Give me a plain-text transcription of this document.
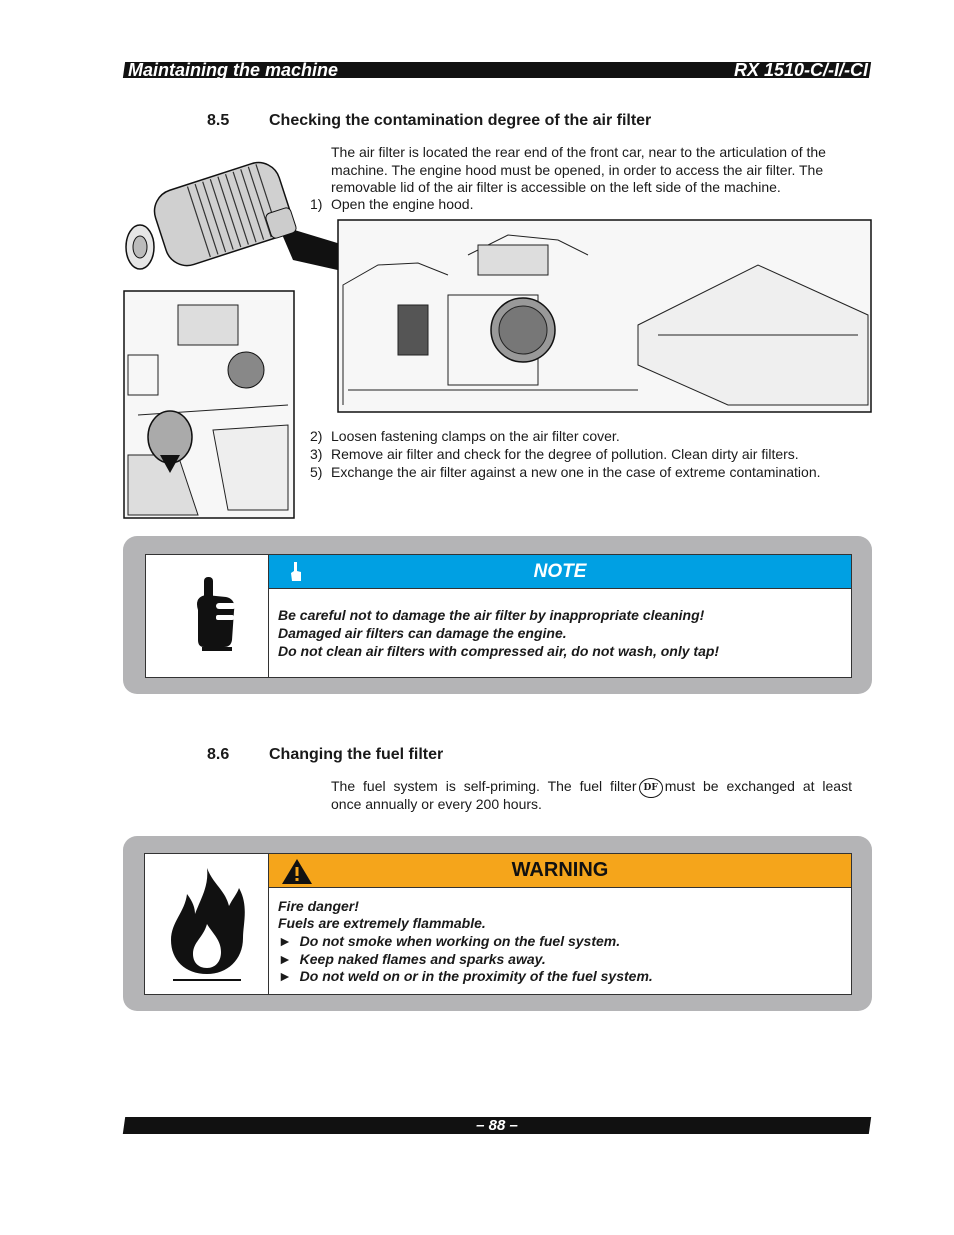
Maintaining the machine	RX 1510-C/-I/-CI
8.5 Checking the contamination degree of the air filter
The air filter is located the rear end of the front car, near to the articulation of the machine. The engine hood must be opened, in order to access the air filter. The removable lid of the air filter is accessible on the left side of the machine.
1) Open the engine hood.
2) Loosen fastening clamps on the air filter cover.
3) Remove air filter and check for the degree of pollution. Clean dirty air filters.
5) Exchange the air filter against a new one in the case of extreme contamination.
NOTE
Be careful not to damage the air filter by inappropriate cleaning!
Damaged air filters can damage the engine.
Do not clean air filters with compressed air, do not wash, only tap!
8.6 Changing the fuel filter
The fuel system is self-priming. The fuel filter DF must be exchanged at least
once annually or every 200 hours.
WARNING
Fire danger!
Fuels are extremely flammable.
► Do not smoke when working on the fuel system.
► Keep naked flames and sparks away.
► Do not weld on or in the proximity of the fuel system.
– 88 –
